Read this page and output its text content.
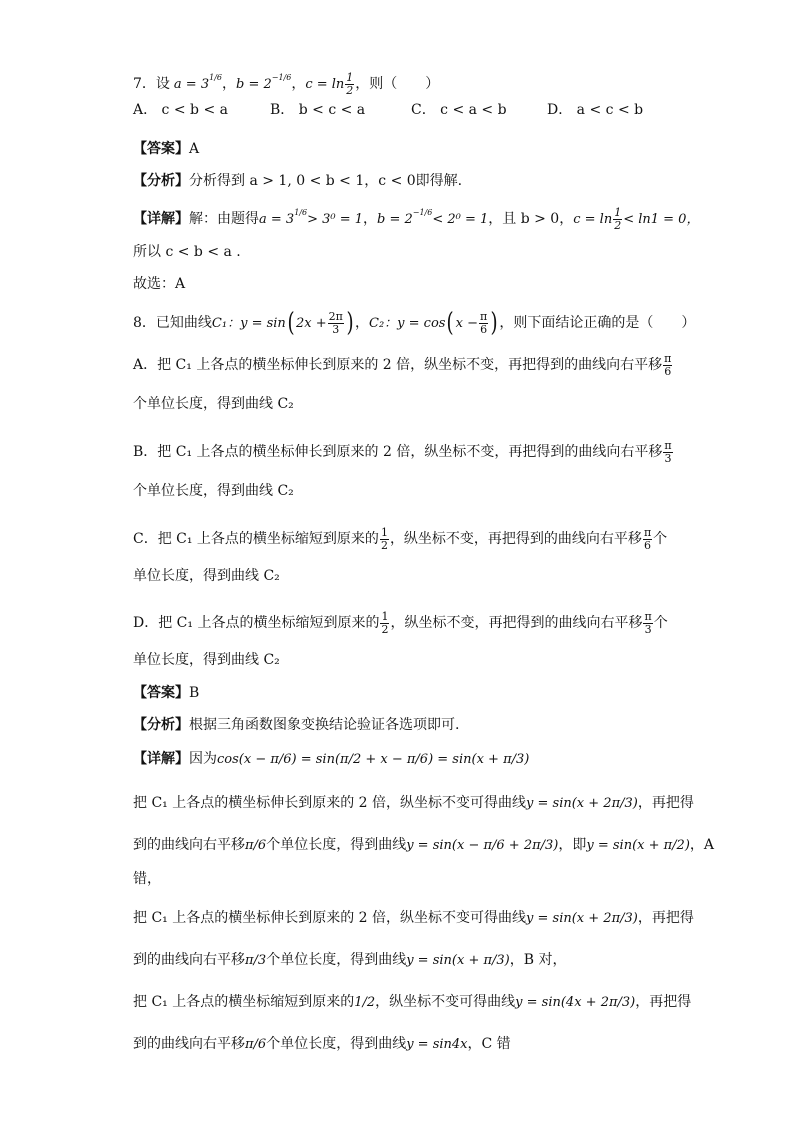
7．设 a = 3 1/6 ， b = 2 −1/6 ， $c = \ln \frac{1}{2}$ ，则（　　）
A． c < b < a	B． b < c < a	C． c < a < b	D． a < c < b
【答案】 A
【分析】 分析得到 a > 1, 0 < b < 1，c < 0即得解.
【详解】 解：由题得 a = 3 1/6 > 3⁰ = 1 ， b = 2 −1/6 < 2⁰ = 1 ，且 b > 0， $c = \ln \frac{1}{2} < \ln 1 = 0$，
所以 c < b < a .
故选：A
8．已知曲线 C₁ ：y = sin ( $2x + \frac{2\pi}{3}$ ) ， C₂ ：y = cos ( $x - \frac{\pi}{6}$ ) ，则下面结论正确的是（　　）
A．把 C₁ 上各点的横坐标伸长到原来的 2 倍，纵坐标不变，再把得到的曲线向右平移 $\frac{\pi}{6}$
个单位长度，得到曲线 C₂
B．把 C₁ 上各点的横坐标伸长到原来的 2 倍，纵坐标不变，再把得到的曲线向右平移 $\frac{\pi}{3}$
个单位长度，得到曲线 C₂
C．把 C₁ 上各点的横坐标缩短到原来的 $\frac{1}{2}$ ，纵坐标不变，再把得到的曲线向右平移 $\frac{\pi}{6}$ 个
单位长度，得到曲线 C₂
D．把 C₁ 上各点的横坐标缩短到原来的 $\frac{1}{2}$ ，纵坐标不变，再把得到的曲线向右平移 $\frac{\pi}{3}$ 个
单位长度，得到曲线 C₂
【答案】 B
【分析】 根据三角函数图象变换结论验证各选项即可.
【详解】 因为 cos(x − π/6) = sin(π/2 + x − π/6) = sin(x + π/3)
把 C₁ 上各点的横坐标伸长到原来的 2 倍，纵坐标不变可得曲线 y = sin(x + 2π/3) ，再把得
到的曲线向右平移 π/6 个单位长度，得到曲线 y = sin(x − π/6 + 2π/3) ，即 y = sin(x + π/2) ，A
错，
把 C₁ 上各点的横坐标伸长到原来的 2 倍，纵坐标不变可得曲线 y = sin(x + 2π/3) ，再把得
到的曲线向右平移 π/3 个单位长度，得到曲线 y = sin(x + π/3) ，B 对，
把 C₁ 上各点的横坐标缩短到原来的 1/2 ，纵坐标不变可得曲线 y = sin(4x + 2π/3) ，再把得
到的曲线向右平移 π/6 个单位长度，得到曲线 y = sin4x ，C 错
